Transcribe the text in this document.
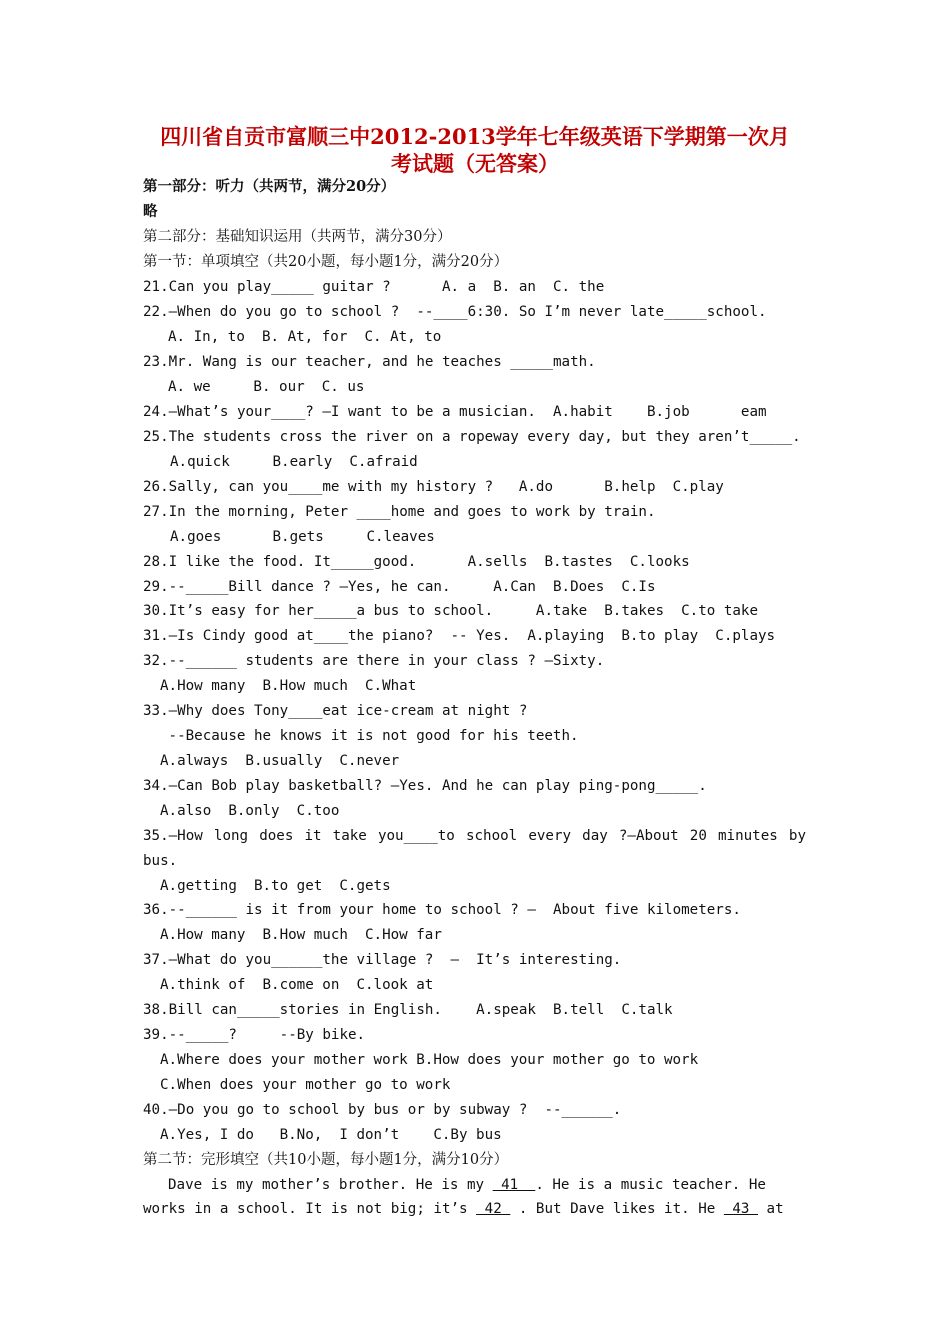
四川省自贡市富顺三中2012-2013学年七年级英语下学期第一次月
考试题（无答案）
第一部分：听力（共两节，满分20分）
略
第二部分：基础知识运用（共两节，满分30分）
第一节：单项填空（共20小题，每小题1分，满分20分）
21.Can you play_____ guitar ?      A. a  B. an  C. the
22.—When do you go to school ?  --____6:30. So I’m never late_____school.
A. In, to  B. At, for  C. At, to
23.Mr. Wang is our teacher, and he teaches _____math.
A. we     B. our  C. us
24.—What’s your____? –I want to be a musician.  A.habit    B.job      eam
25.The students cross the river on a ropeway every day, but they aren’t_____.
A.quick     B.early  C.afraid
26.Sally, can you____me with my history ?   A.do      B.help  C.play
27.In the morning, Peter ____home and goes to work by train.
A.goes      B.gets     C.leaves
28.I like the food. It_____good.      A.sells  B.tastes  C.looks
29.--_____Bill dance ? –Yes, he can.     A.Can  B.Does  C.Is
30.It’s easy for her_____a bus to school.     A.take  B.takes  C.to take
31.—Is Cindy good at____the piano?  -- Yes.  A.playing  B.to play  C.plays
32.--______ students are there in your class ? –Sixty.
A.How many  B.How much  C.What
33.—Why does Tony____eat ice-cream at night ?
--Because he knows it is not good for his teeth.
A.always  B.usually  C.never
34.—Can Bob play basketball? –Yes. And he can play ping-pong_____.
A.also  B.only  C.too
35.—How long does it take you____to school every day ?—About 20 minutes by
bus.
A.getting  B.to get  C.gets
36.--______ is it from your home to school ? –  About five kilometers.
A.How many  B.How much  C.How far
37.—What do you______the village ?  –  It’s interesting.
A.think of  B.come on  C.look at
38.Bill can_____stories in English.    A.speak  B.tell  C.talk
39.--_____?     --By bike.
A.Where does your mother work B.How does your mother go to work
C.When does your mother go to work
40.—Do you go to school by bus or by subway ?  --______.
A.Yes, I do   B.No,  I don’t    C.By bus
第二节：完形填空（共10小题，每小题1分，满分10分）
Dave is my mother’s brother. He is my  41  . He is a music teacher. He
works in a school. It is not big; it’s  42  . But Dave likes it. He  43  at
